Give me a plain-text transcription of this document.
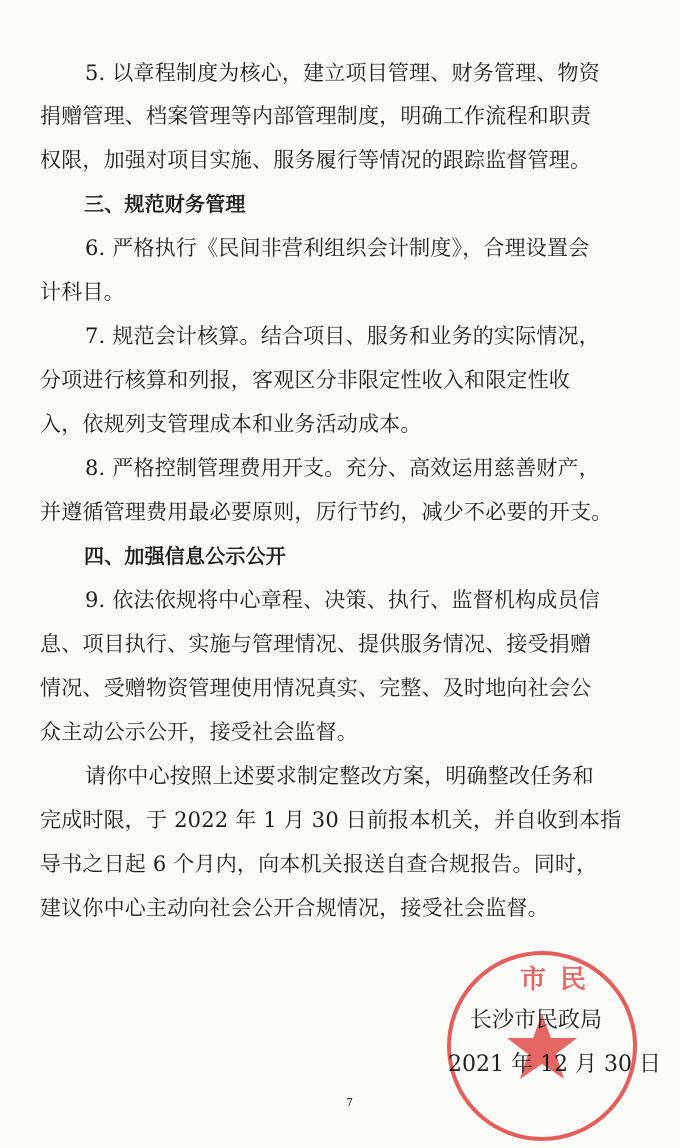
5. 以章程制度为核心，建立项目管理、财务管理、物资
捐赠管理、档案管理等内部管理制度，明确工作流程和职责
权限，加强对项目实施、服务履行等情况的跟踪监督管理。
三、规范财务管理
6. 严格执行《民间非营利组织会计制度》，合理设置会
计科目。
7. 规范会计核算。结合项目、服务和业务的实际情况，
分项进行核算和列报，客观区分非限定性收入和限定性收
入，依规列支管理成本和业务活动成本。
8. 严格控制管理费用开支。充分、高效运用慈善财产，
并遵循管理费用最必要原则，厉行节约，减少不必要的开支。
四、加强信息公示公开
9. 依法依规将中心章程、决策、执行、监督机构成员信
息、项目执行、实施与管理情况、提供服务情况、接受捐赠
情况、受赠物资管理使用情况真实、完整、及时地向社会公
众主动公示公开，接受社会监督。
请你中心按照上述要求制定整改方案，明确整改任务和
完成时限，于 2022 年 1 月 30 日前报本机关，并自收到本指
导书之日起 6 个月内，向本机关报送自查合规报告。同时，
建议你中心主动向社会公开合规情况，接受社会监督。
市民
长沙市民政局
2021 年 12 月 30 日
7
